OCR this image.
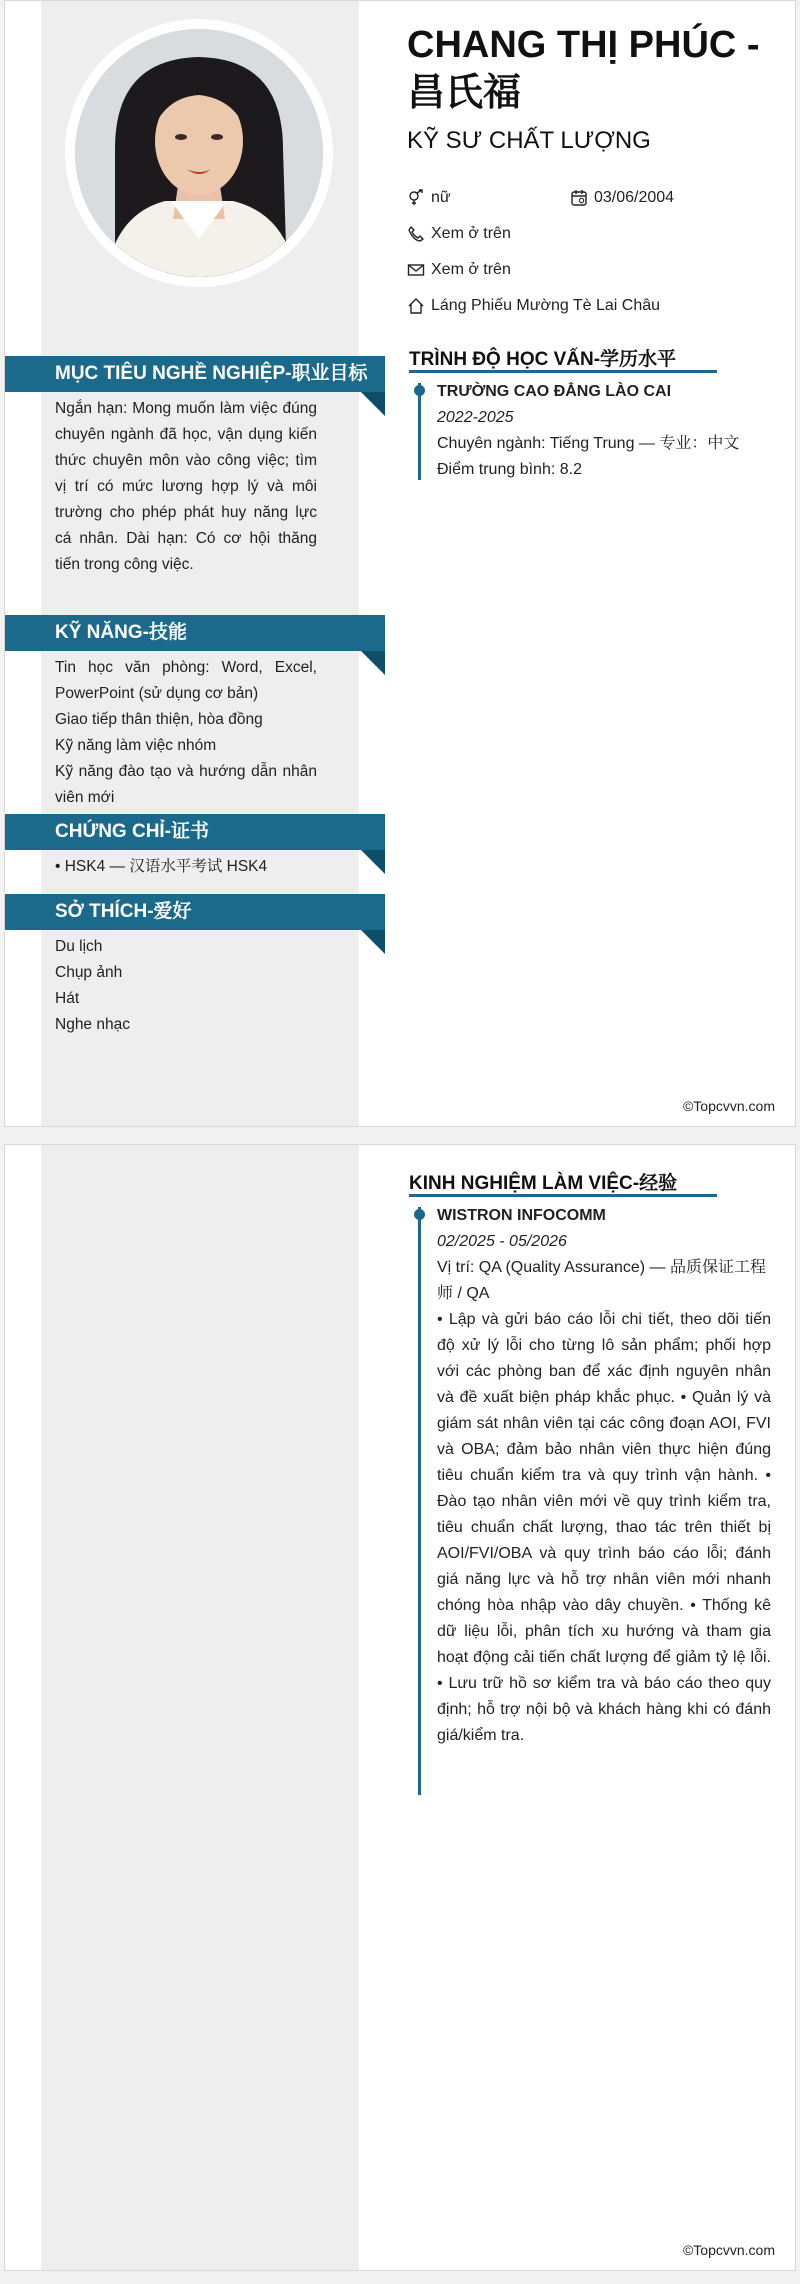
CHANG THỊ PHÚC - 昌氏福
KỸ SƯ CHẤT LƯỢNG
nữ	03/06/2004
Xem ở trên
Xem ở trên
Láng Phiếu Mường Tè Lai Châu
MỤC TIÊU NGHỀ NGHIỆP-职业目标
Ngắn hạn: Mong muốn làm việc đúng chuyên ngành đã học, vận dụng kiến thức chuyên môn vào công việc; tìm vị trí có mức lương hợp lý và môi trường cho phép phát huy năng lực cá nhân. Dài hạn: Có cơ hội thăng tiến trong công việc.
KỸ NĂNG-技能
Tin học văn phòng: Word, Excel, PowerPoint (sử dụng cơ bản)
Giao tiếp thân thiện, hòa đồng
Kỹ năng làm việc nhóm
Kỹ năng đào tạo và hướng dẫn nhân viên mới
CHỨNG CHỈ-证书
• HSK4 — 汉语水平考试 HSK4
SỞ THÍCH-爱好
Du lịch
Chụp ảnh
Hát
Nghe nhạc
TRÌNH ĐỘ HỌC VẤN-学历水平
TRƯỜNG CAO ĐẲNG LÀO CAI
2022-2025
Chuyên ngành: Tiếng Trung — 专业：中文
Điểm trung bình: 8.2
©Topcvvn.com
KINH NGHIỆM LÀM VIỆC-经验
WISTRON INFOCOMM
02/2025 - 05/2026
Vị trí: QA (Quality Assurance) — 品质保证工程师 / QA
• Lập và gửi báo cáo lỗi chi tiết, theo dõi tiến độ xử lý lỗi cho từng lô sản phẩm; phối hợp với các phòng ban để xác định nguyên nhân và đề xuất biện pháp khắc phục. • Quản lý và giám sát nhân viên tại các công đoạn AOI, FVI và OBA; đảm bảo nhân viên thực hiện đúng tiêu chuẩn kiểm tra và quy trình vận hành. • Đào tạo nhân viên mới về quy trình kiểm tra, tiêu chuẩn chất lượng, thao tác trên thiết bị AOI/FVI/OBA và quy trình báo cáo lỗi; đánh giá năng lực và hỗ trợ nhân viên mới nhanh chóng hòa nhập vào dây chuyền. • Thống kê dữ liệu lỗi, phân tích xu hướng và tham gia hoạt động cải tiến chất lượng để giảm tỷ lệ lỗi. • Lưu trữ hồ sơ kiểm tra và báo cáo theo quy định; hỗ trợ nội bộ và khách hàng khi có đánh giá/kiểm tra.
©Topcvvn.com
